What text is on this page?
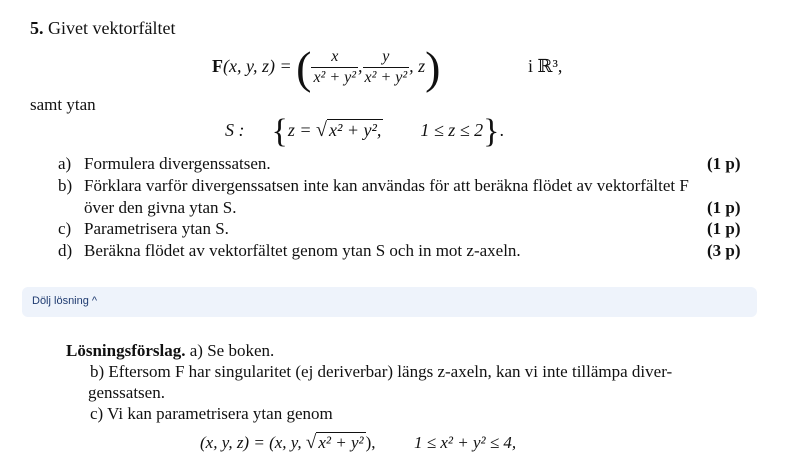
5. Givet vektorfältet
F(x, y, z) = ( $\frac{x}{\text{x² + y²}}$ , $\frac{y}{\text{x² + y²}}$ , z)	i ℝ³,
samt ytan
S : {z = √ x² + y², 1 ≤ z ≤ 2}.
a) Formulera divergenssatsen.	(1 p)
b) Förklara varför divergenssatsen inte kan användas för att beräkna flödet av vektorfältet F
över den givna ytan S.	(1 p)
c) Parametrisera ytan S.	(1 p)
d) Beräkna flödet av vektorfältet genom ytan S och in mot z-axeln.	(3 p)
Dölj lösning ^
Lösningsförslag. a) Se boken.
b) Eftersom F har singularitet (ej deriverbar) längs z-axeln, kan vi inte tillämpa diver-
genssatsen.
c) Vi kan parametrisera ytan genom
(x, y, z) = (x, y, √ x² + y² ), 1 ≤ x² + y² ≤ 4,
